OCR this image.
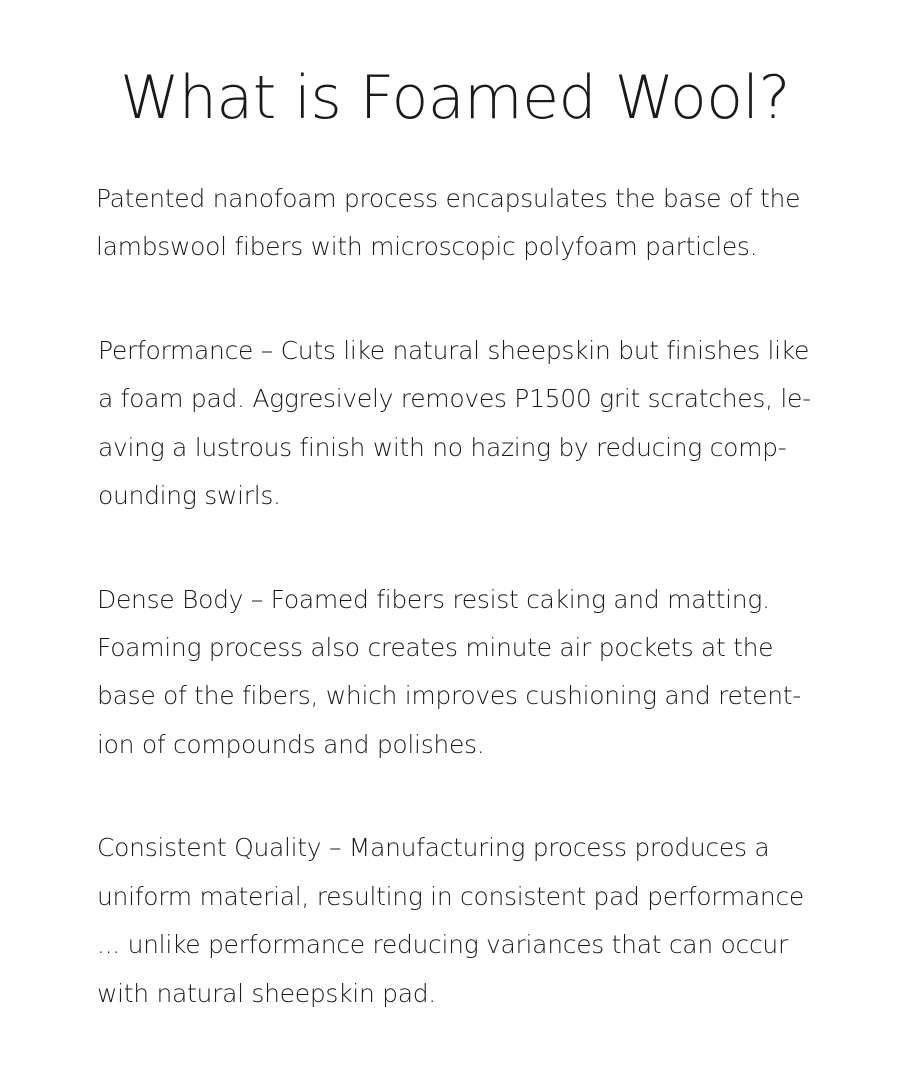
What is Foamed Wool?

Patented nanofoam process encapsulates the base of the

lambswool fibers with microscopic polyfoam particles.

Performance – Cuts like natural sheepskin but finishes like

a foam pad. Aggresively removes P1500 grit scratches, le-

aving a lustrous finish with no hazing by reducing comp-

ounding swirls.

Dense Body – Foamed fibers resist caking and matting.

Foaming process also creates minute air pockets at the

base of the fibers, which improves cushioning and retent-

ion of compounds and polishes.

Consistent Quality – Manufacturing process produces a

uniform material, resulting in consistent pad performance

... unlike performance reducing variances that can occur

with natural sheepskin pad.
